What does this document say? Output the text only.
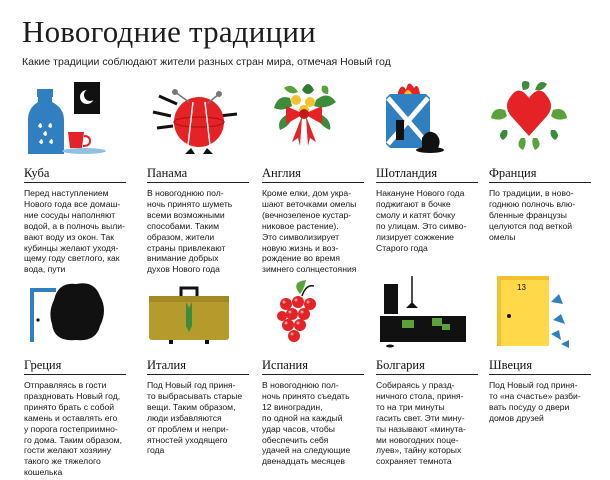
Новогодние традиции
Какие традиции соблюдают жители разных стран мира, отмечая Новый год
Куба
Перед наступлением
Нового года все домаш-
ние сосуды наполняют
водой, а в полночь выли-
вают воду из окон. Так
кубинцы желают уходя-
щему году светлого, как
вода, пути
Панама
В новогоднюю пол-
ночь принято шуметь
всеми возможными
способами. Таким
образом, жители
страны привлекают
внимание добрых
духов Нового года
Англия
Кроме елки, дом укра-
шают веточками омелы
(вечнозеленое кустар-
никовое растение).
Это символизирует
новую жизнь и воз-
рождение во время
зимнего солнцестояния
Шотландия
Накануне Нового года
поджигают в бочке
смолу и катят бочку
по улицам. Это симво-
лизирует сожжение
Старого года
Франция
По традиции, в ново-
годнюю полночь влю-
бленные французы
целуются под веткой
омелы
Греция
Отправляясь в гости
праздновать Новый год,
принято брать с собой
камень и оставлять его
у порога гостеприимно-
го дома. Таким образом,
гости желают хозяину
такого же тяжелого
кошелька
Италия
Под Новый год приня-
то выбрасывать старые
вещи. Таким образом,
люди избавляются
от проблем и непри-
ятностей уходящего
года
Испания
В новогоднюю пол-
ночь принято съедать
12 виноградин,
по одной на каждый
удар часов, чтобы
обеспечить себя
удачей на следующие
двенадцать месяцев
Болгария
Собираясь у празд-
ничного стола, приня-
то на три минуты
гасить свет. Эти мину-
ты называют «минута-
ми новогодних поце-
луев», тайну которых
сохраняет темнота
13
Швеция
Под Новый год приня-
то «на счастье» разби-
вать посуду о двери
домов друзей
